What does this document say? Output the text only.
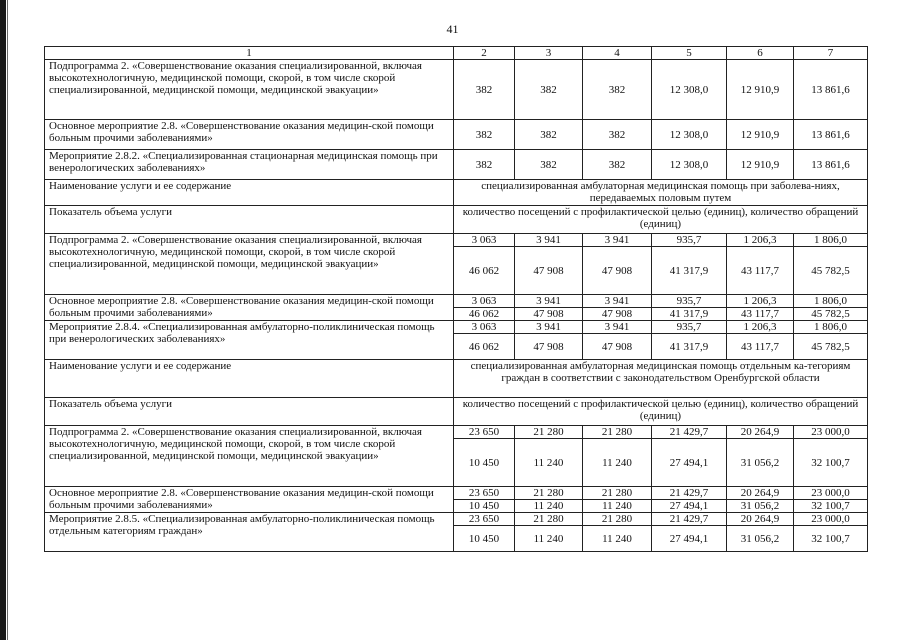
41
1	2	3	4	5	6	7
Подпрограмма 2. «Совершенствование оказания специализированной, включая высокотехнологичную, медицинской помощи, скорой, в том числе скорой специализированной, медицинской помощи, медицинской эвакуации»	382	382	382	12 308,0	12 910,9	13 861,6
Основное мероприятие 2.8. «Совершенствование оказания медицин-ской помощи больным прочими заболеваниями»	382	382	382	12 308,0	12 910,9	13 861,6
Мероприятие 2.8.2. «Специализированная стационарная медицинская помощь при венерологических заболеваниях»	382	382	382	12 308,0	12 910,9	13 861,6
Наименование услуги и ее содержание	специализированная амбулаторная медицинская помощь при заболева-ниях, передаваемых половым путем					
Показатель объема услуги	количество посещений с профилактической целью (единиц), количество обращений (единиц)					
Подпрограмма 2. «Совершенствование оказания специализированной, включая высокотехнологичную, медицинской помощи, скорой, в том числе скорой специализированной, медицинской помощи, медицинской эвакуации»	3 063	3 941	3 941	935,7	1 206,3	1 806,0
	46 062	47 908	47 908	41 317,9	43 117,7	45 782,5
Основное мероприятие 2.8. «Совершенствование оказания медицин-ской помощи больным прочими заболеваниями»	3 063	3 941	3 941	935,7	1 206,3	1 806,0
	46 062	47 908	47 908	41 317,9	43 117,7	45 782,5
Мероприятие 2.8.4. «Специализированная амбулаторно-поликлиническая помощь при венерологических заболеваниях»	3 063	3 941	3 941	935,7	1 206,3	1 806,0
	46 062	47 908	47 908	41 317,9	43 117,7	45 782,5
Наименование услуги и ее содержание	специализированная амбулаторная медицинская помощь отдельным ка-тегориям граждан в соответствии с законодательством Оренбургской области					
Показатель объема услуги	количество посещений с профилактической целью (единиц), количество обращений (единиц)					
Подпрограмма 2. «Совершенствование оказания специализированной, включая высокотехнологичную, медицинской помощи, скорой, в том числе скорой специализированной, медицинской помощи, медицинской эвакуации»	23 650	21 280	21 280	21 429,7	20 264,9	23 000,0
	10 450	11 240	11 240	27 494,1	31 056,2	32 100,7
Основное мероприятие 2.8. «Совершенствование оказания медицин-ской помощи больным прочими заболеваниями»	23 650	21 280	21 280	21 429,7	20 264,9	23 000,0
	10 450	11 240	11 240	27 494,1	31 056,2	32 100,7
Мероприятие 2.8.5. «Специализированная амбулаторно-поликлиническая помощь отдельным категориям граждан»	23 650	21 280	21 280	21 429,7	20 264,9	23 000,0
	10 450	11 240	11 240	27 494,1	31 056,2	32 100,7
